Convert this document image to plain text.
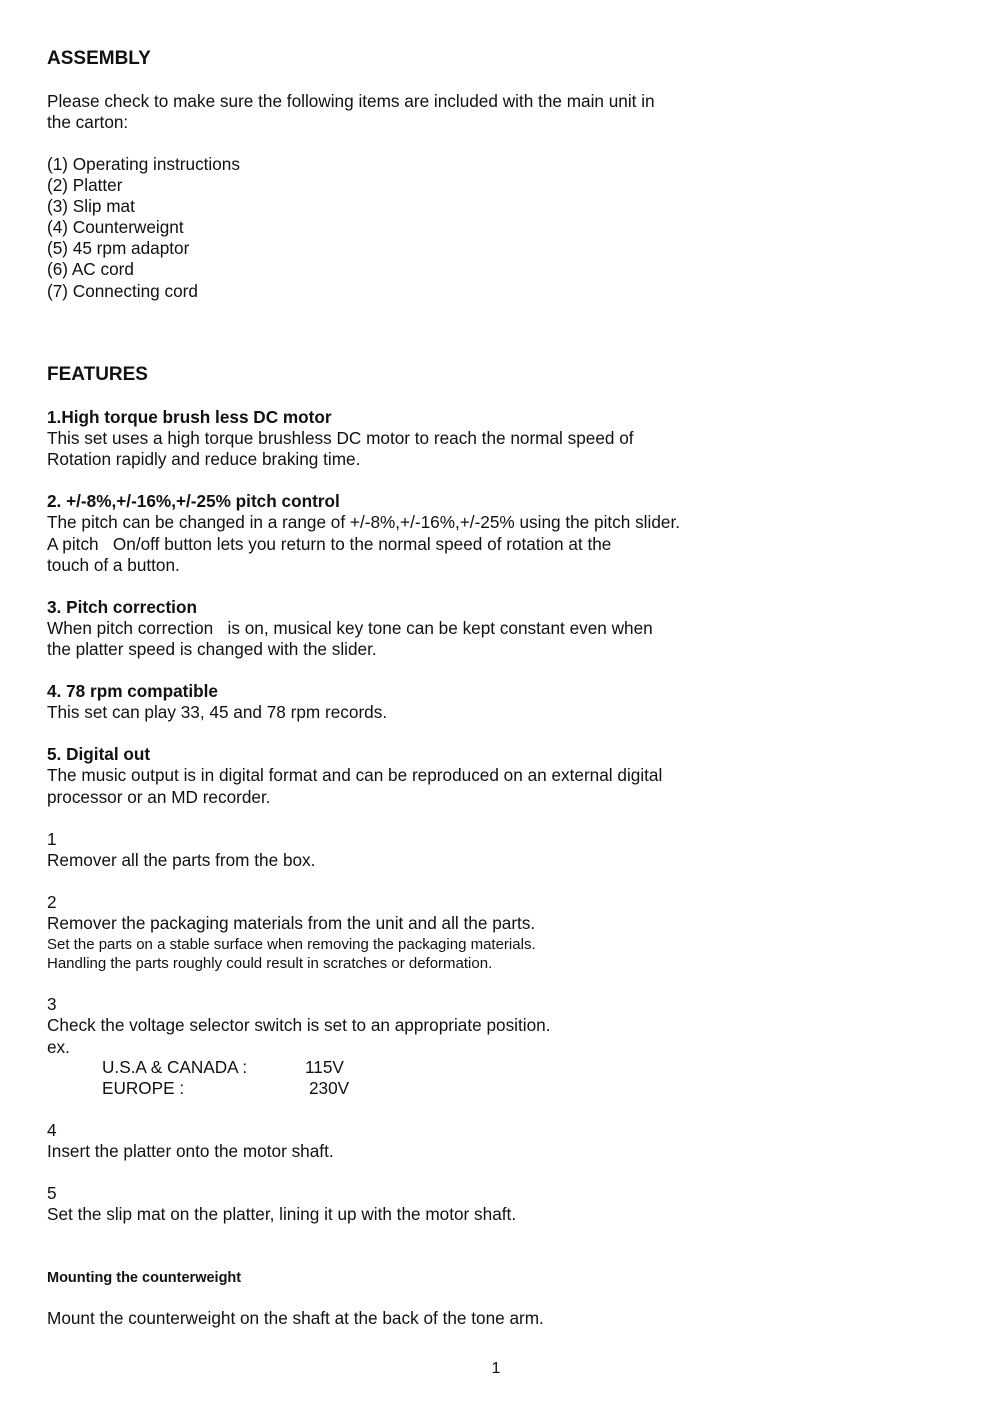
ASSEMBLY
Please check to make sure the following items are included with the main unit in
the carton:
(1) Operating instructions
(2) Platter
(3) Slip mat
(4) Counterweignt
(5) 45 rpm adaptor
(6) AC cord
(7) Connecting cord
FEATURES
1.High torque brush less DC motor
This set uses a high torque brushless DC motor to reach the normal speed of
Rotation rapidly and reduce braking time.
2. +/-8%,+/-16%,+/-25% pitch control
The pitch can be changed in a range of +/-8%,+/-16%,+/-25% using the pitch slider.
A pitch   On/off button lets you return to the normal speed of rotation at the
touch of a button.
3. Pitch correction
When pitch correction   is on, musical key tone can be kept constant even when
the platter speed is changed with the slider.
4. 78 rpm compatible
This set can play 33, 45 and 78 rpm records.
5. Digital out
The music output is in digital format and can be reproduced on an external digital
processor or an MD recorder.
1
Remover all the parts from the box.
2
Remover the packaging materials from the unit and all the parts.
Set the parts on a stable surface when removing the packaging materials.
Handling the parts roughly could result in scratches or deformation.
3
Check the voltage selector switch is set to an appropriate position.
ex.
U.S.A & CANADA :	115V
EUROPE :	230V
4
Insert the platter onto the motor shaft.
5
Set the slip mat on the platter, lining it up with the motor shaft.
Mounting the counterweight
Mount the counterweight on the shaft at the back of the tone arm.
1
